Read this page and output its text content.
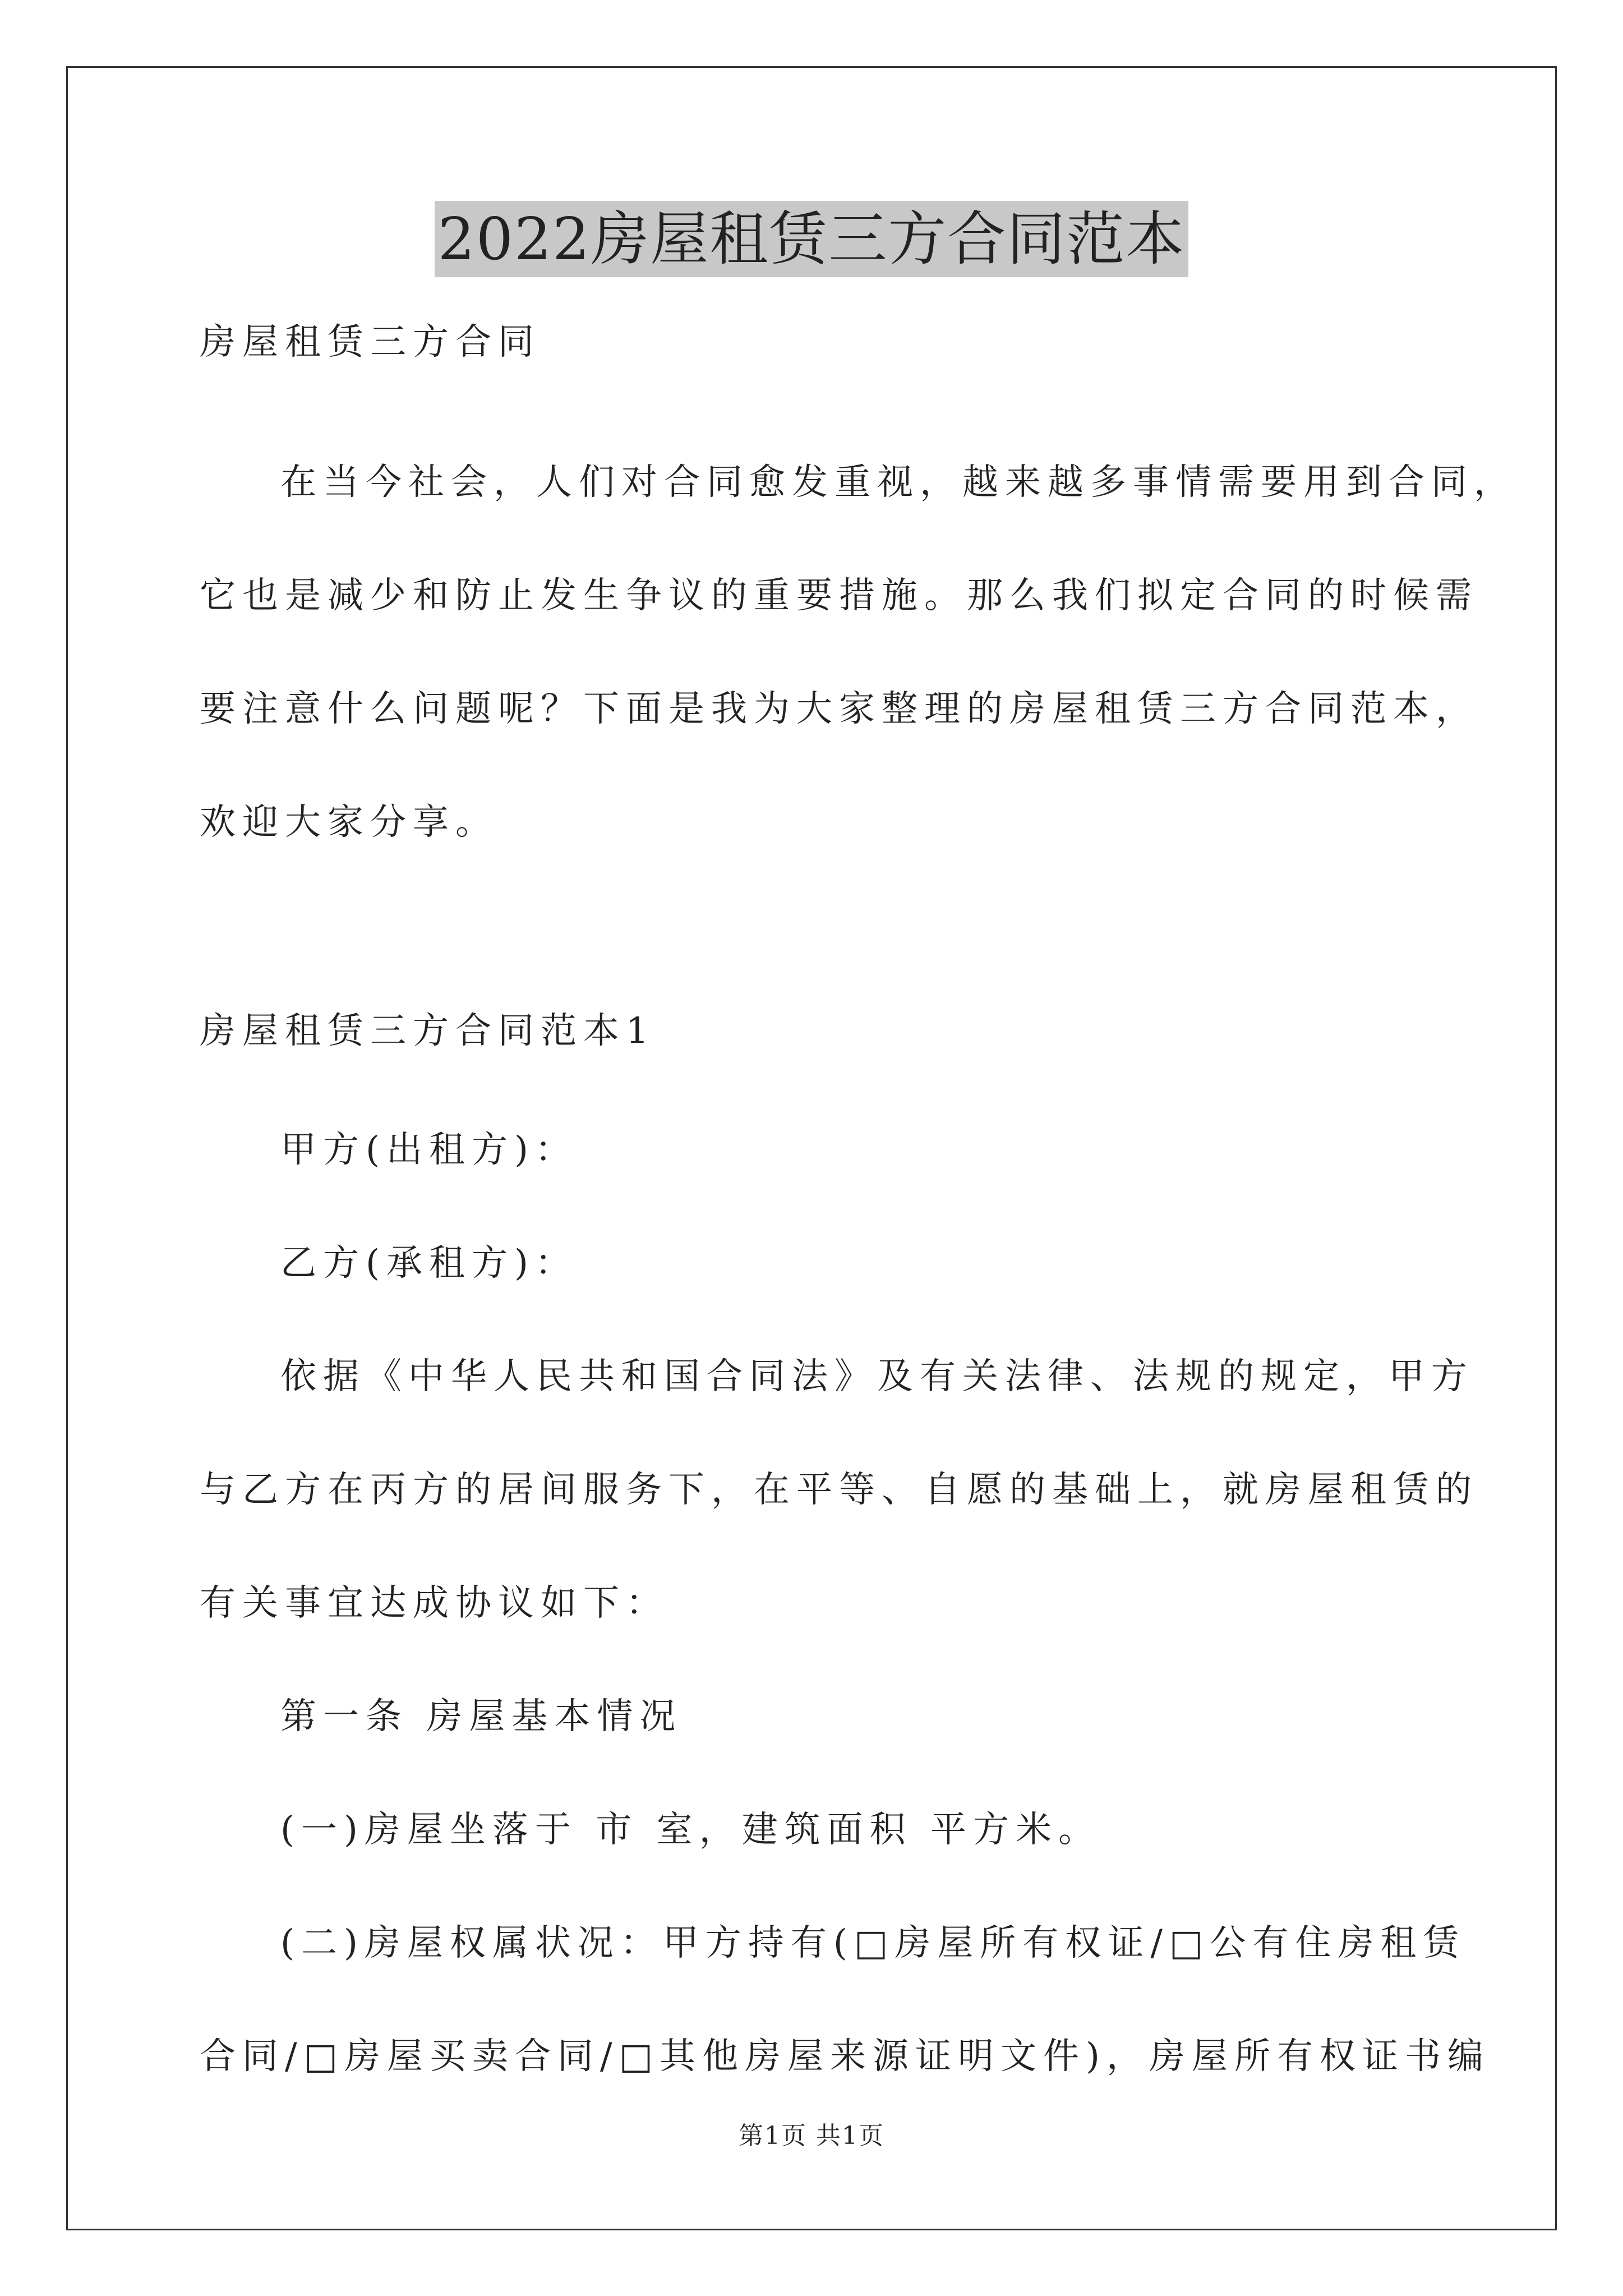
2022房屋租赁三方合同范本
房屋租赁三方合同
在当今社会，人们对合同愈发重视，越来越多事情需要用到合同，
它也是减少和防止发生争议的重要措施。那么我们拟定合同的时候需
要注意什么问题呢？下面是我为大家整理的房屋租赁三方合同范本，
欢迎大家分享。
房屋租赁三方合同范本1
甲方(出租方)：
乙方(承租方)：
依据《中华人民共和国合同法》及有关法律、法规的规定，甲方
与乙方在丙方的居间服务下，在平等、自愿的基础上，就房屋租赁的
有关事宜达成协议如下：
第一条 房屋基本情况
(一)房屋坐落于 市 室，建筑面积 平方米。
(二)房屋权属状况：甲方持有(□房屋所有权证/□公有住房租赁
合同/□房屋买卖合同/□其他房屋来源证明文件)，房屋所有权证书编
第1页 共1页
